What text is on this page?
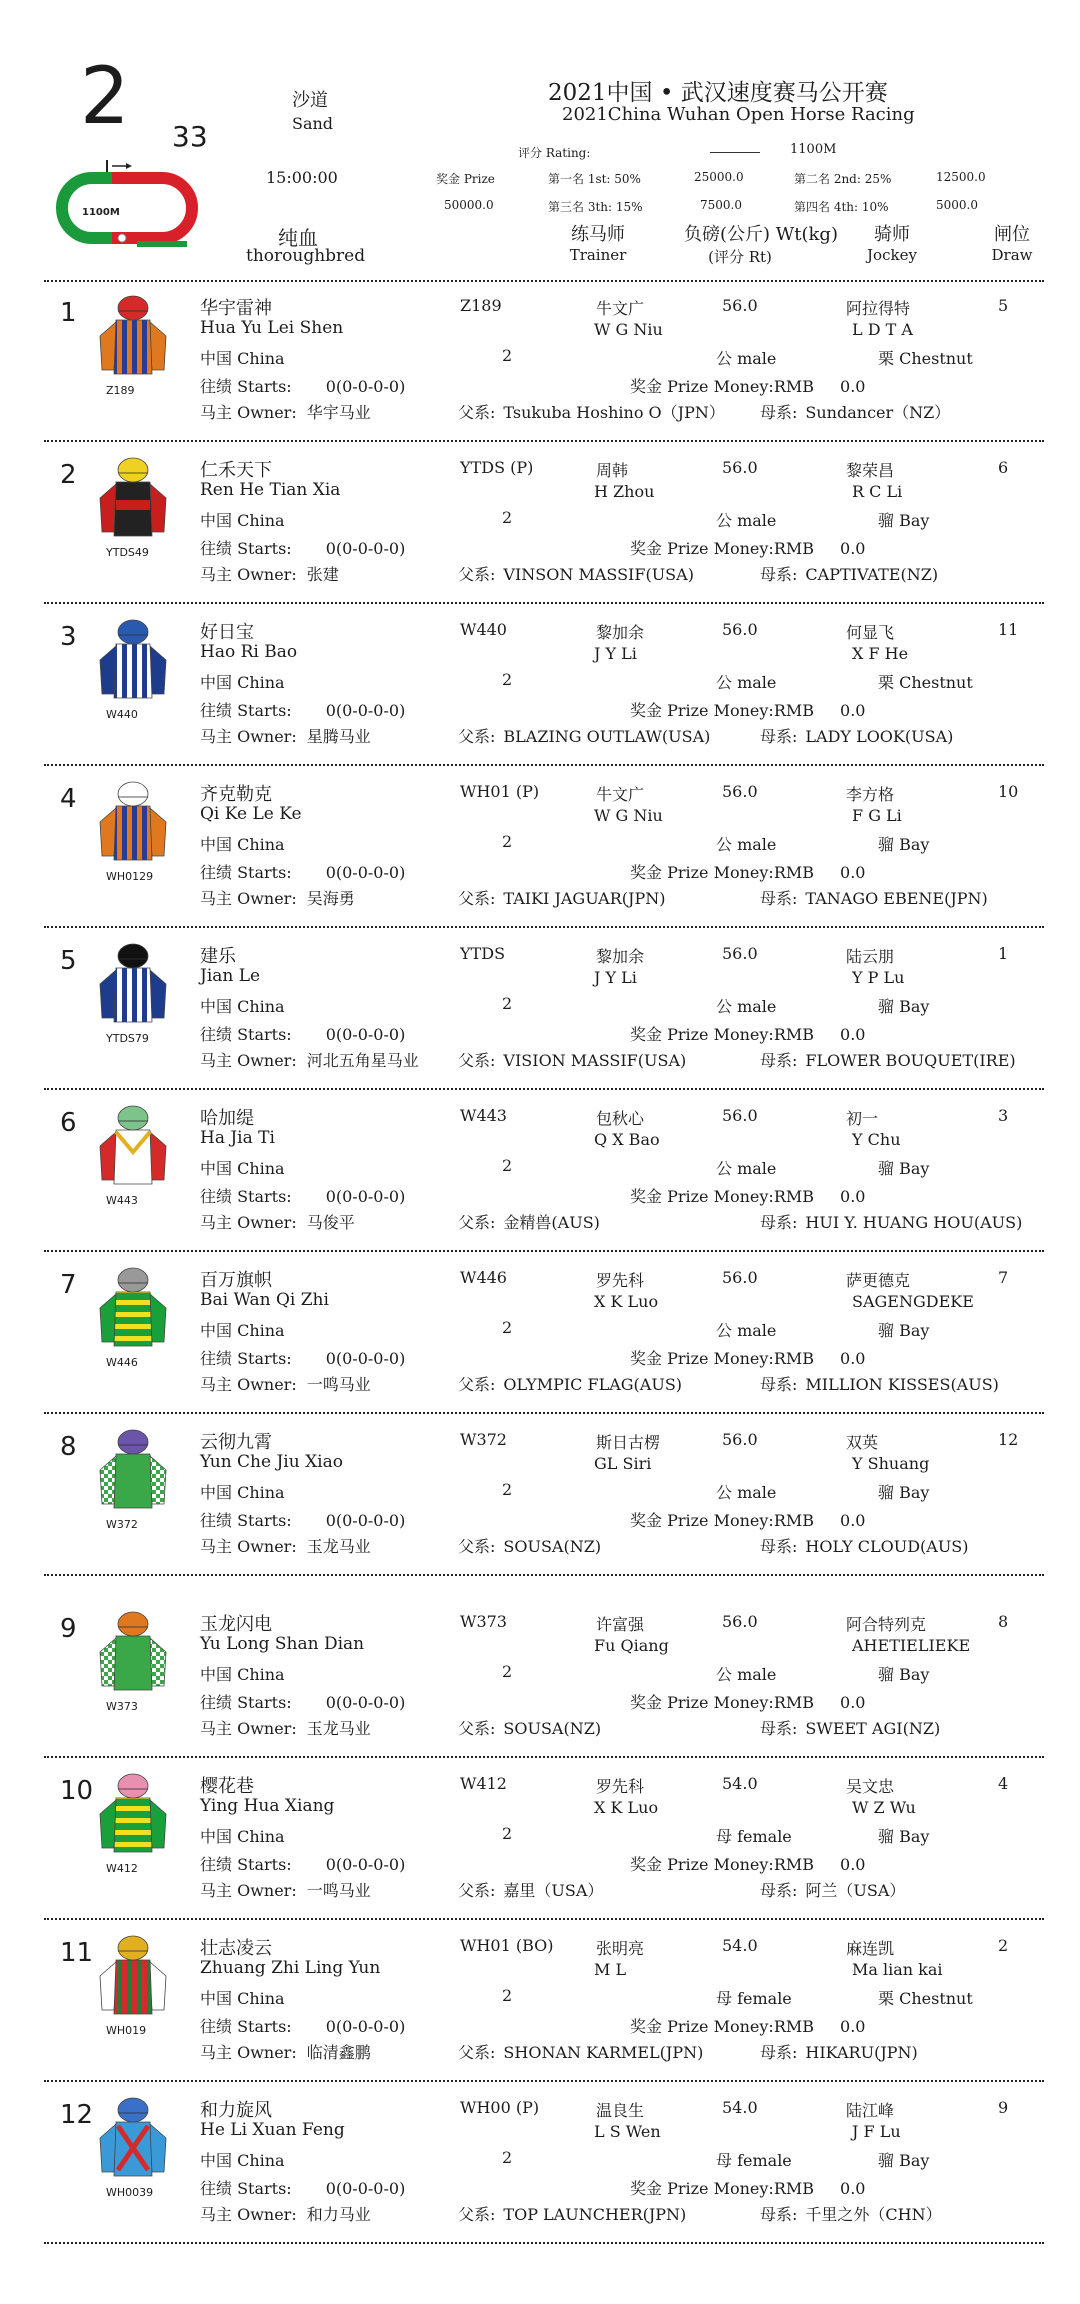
2 33
沙道
Sand
15:00:00
纯血
thoroughbred
1100M
2021中国 • 武汉速度赛马公开赛
2021China Wuhan Open Horse Racing
评分 Rating:	1100M
奖金 Prize	第一名 1st: 50%	25000.0	第二名 2nd: 25%	12500.0
50000.0	第三名 3th: 15%	7500.0	第四名 4th: 10%	5000.0
练马师
Trainer
负磅(公斤) Wt(kg)
(评分 Rt)
骑师
Jockey
闸位
Draw
Z189
1	华宇雷神
Hua Yu Lei Shen
Z189	牛文广
W G Niu
56.0	阿拉得特
L D T A
5
2	公 male	栗 Chestnut
中国 China
往绩 Starts: 0(0-0-0-0)	奖金 Prize Money:RMB 0.0
马主 Owner: 华宇马业	父系: Tsukuba Hoshino O（JPN） 母系: Sundancer（NZ）
YTDS49
2	仁禾天下
Ren He Tian Xia
YTDS (P)	周韩
H Zhou
56.0	黎荣昌
R C Li
6
2	公 male	骝 Bay
中国 China
往绩 Starts: 0(0-0-0-0)	奖金 Prize Money:RMB 0.0
马主 Owner: 张建	父系: VINSON MASSIF(USA)	母系: CAPTIVATE(NZ)
W440
3	好日宝
Hao Ri Bao
W440	黎加余
J Y Li
56.0	何显飞
X F He
11
2	公 male	栗 Chestnut
中国 China
往绩 Starts: 0(0-0-0-0)	奖金 Prize Money:RMB 0.0
马主 Owner: 星腾马业	父系: BLAZING OUTLAW(USA)	母系: LADY LOOK(USA)
WH0129
4	齐克勒克
Qi Ke Le Ke
WH01 (P)	牛文广
W G Niu
56.0	李方格
F G Li
10
2	公 male	骝 Bay
中国 China
往绩 Starts: 0(0-0-0-0)	奖金 Prize Money:RMB 0.0
马主 Owner: 吴海勇	父系: TAIKI JAGUAR(JPN)	母系: TANAGO EBENE(JPN)
YTDS79
5	建乐
Jian Le
YTDS	黎加余
J Y Li
56.0	陆云朋
Y P Lu
1
2	公 male	骝 Bay
中国 China
往绩 Starts: 0(0-0-0-0)	奖金 Prize Money:RMB 0.0
马主 Owner: 河北五角星马业 父系: VISION MASSIF(USA)	母系: FLOWER BOUQUET(IRE)
W443
6	哈加缇
Ha Jia Ti
W443	包秋心
Q X Bao
56.0	初一
Y Chu
3
2	公 male	骝 Bay
中国 China
往绩 Starts: 0(0-0-0-0)	奖金 Prize Money:RMB 0.0
马主 Owner: 马俊平	父系: 金精兽(AUS)	母系: HUI Y. HUANG HOU(AUS)
W446
7	百万旗帜
Bai Wan Qi Zhi
W446	罗先科
X K Luo
56.0	萨更德克
SAGENGDEKE
7
2	公 male	骝 Bay
中国 China
往绩 Starts: 0(0-0-0-0)	奖金 Prize Money:RMB 0.0
马主 Owner: 一鸣马业	父系: OLYMPIC FLAG(AUS)	母系: MILLION KISSES(AUS)
W372
8	云彻九霄
Yun Che Jiu Xiao
W372	斯日古楞
GL Siri
56.0	双英
Y Shuang
12
2	公 male	骝 Bay
中国 China
往绩 Starts: 0(0-0-0-0)	奖金 Prize Money:RMB 0.0
马主 Owner: 玉龙马业	父系: SOUSA(NZ)	母系: HOLY CLOUD(AUS)
W373
9	玉龙闪电
Yu Long Shan Dian
W373	许富强
Fu Qiang
56.0	阿合特列克
AHETIELIEKE
8
2	公 male	骝 Bay
中国 China
往绩 Starts: 0(0-0-0-0)	奖金 Prize Money:RMB 0.0
马主 Owner: 玉龙马业	父系: SOUSA(NZ)	母系: SWEET AGI(NZ)
W412
10	樱花巷
Ying Hua Xiang
W412	罗先科
X K Luo
54.0	吴文忠
W Z Wu
4
2	母 female	骝 Bay
中国 China
往绩 Starts: 0(0-0-0-0)	奖金 Prize Money:RMB 0.0
马主 Owner: 一鸣马业	父系: 嘉里（USA）	母系: 阿兰（USA）
WH019
11	壮志凌云
Zhuang Zhi Ling Yun
WH01 (BO)	张明亮
M L
54.0	麻连凯
Ma lian kai
2
2	母 female	栗 Chestnut
中国 China
往绩 Starts: 0(0-0-0-0)	奖金 Prize Money:RMB 0.0
马主 Owner: 临清鑫鹏	父系: SHONAN KARMEL(JPN)	母系: HIKARU(JPN)
WH0039
12	和力旋风
He Li Xuan Feng
WH00 (P)	温良生
L S Wen
54.0	陆江峰
J F Lu
9
2	母 female	骝 Bay
中国 China
往绩 Starts: 0(0-0-0-0)	奖金 Prize Money:RMB 0.0
马主 Owner: 和力马业	父系: TOP LAUNCHER(JPN)	母系: 千里之外（CHN）
